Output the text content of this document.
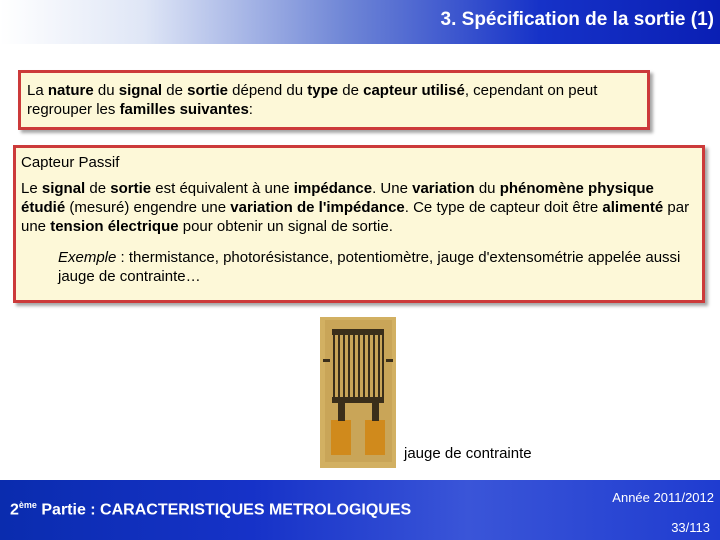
3. Spécification de la sortie (1)

La nature du signal de sortie dépend du type de capteur utilisé, cependant on peut regrouper les familles suivantes:

Capteur Passif

Le signal de sortie est équivalent à une impédance. Une variation du phénomène physique étudié (mesuré) engendre une variation de l'impédance. Ce type de capteur doit être alimenté par une tension électrique pour obtenir un signal de sortie.

Exemple : thermistance, photorésistance, potentiomètre, jauge d'extensométrie appelée aussi jauge de contrainte…

jauge de contrainte
2ème Partie : CARACTERISTIQUES METROLOGIQUES
Année 2011/2012
33/113
